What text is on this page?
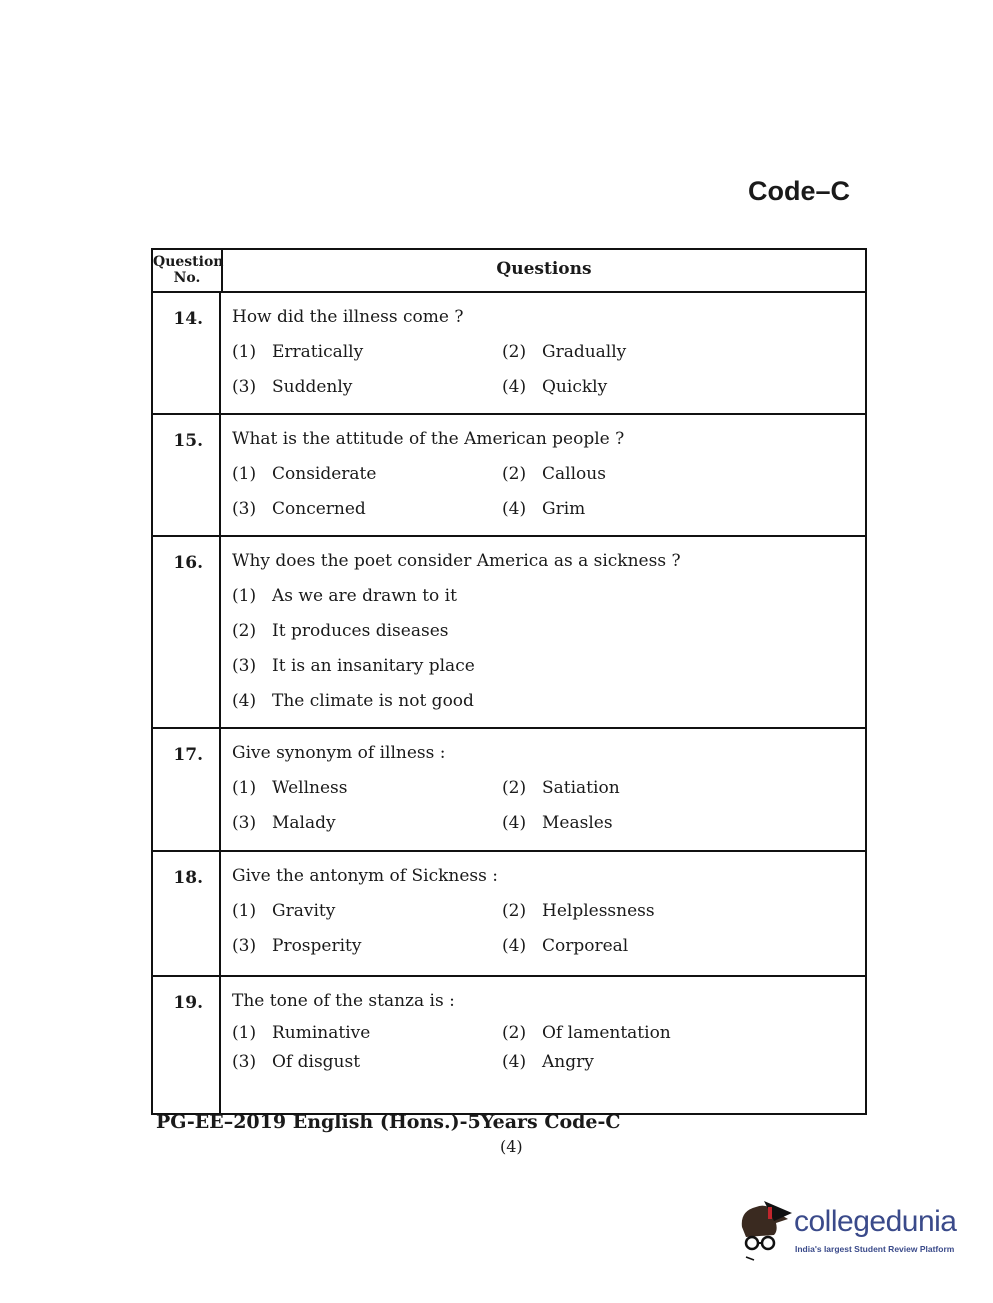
Code–C
Question No.	Questions
14.	How did the illness come ?
(1) Erratically	(2) Gradually
(3) Suddenly	(4) Quickly
15.	What is the attitude of the American people ?
(1) Considerate	(2) Callous
(3) Concerned	(4) Grim
16.	Why does the poet consider America as a sickness ?
(1) As we are drawn to it
(2) It produces diseases
(3) It is an insanitary place
(4) The climate is not good
17.	Give synonym of illness :
(1) Wellness	(2) Satiation
(3) Malady	(4) Measles
18.	Give the antonym of Sickness :
(1) Gravity	(2) Helplessness
(3) Prosperity	(4) Corporeal
19.	The tone of the stanza is :
(1) Ruminative	(2) Of lamentation
(3) Of disgust	(4) Angry
PG-EE–2019 English (Hons.)-5Years Code-C
(4)
collegedunia
India's largest Student Review Platform
